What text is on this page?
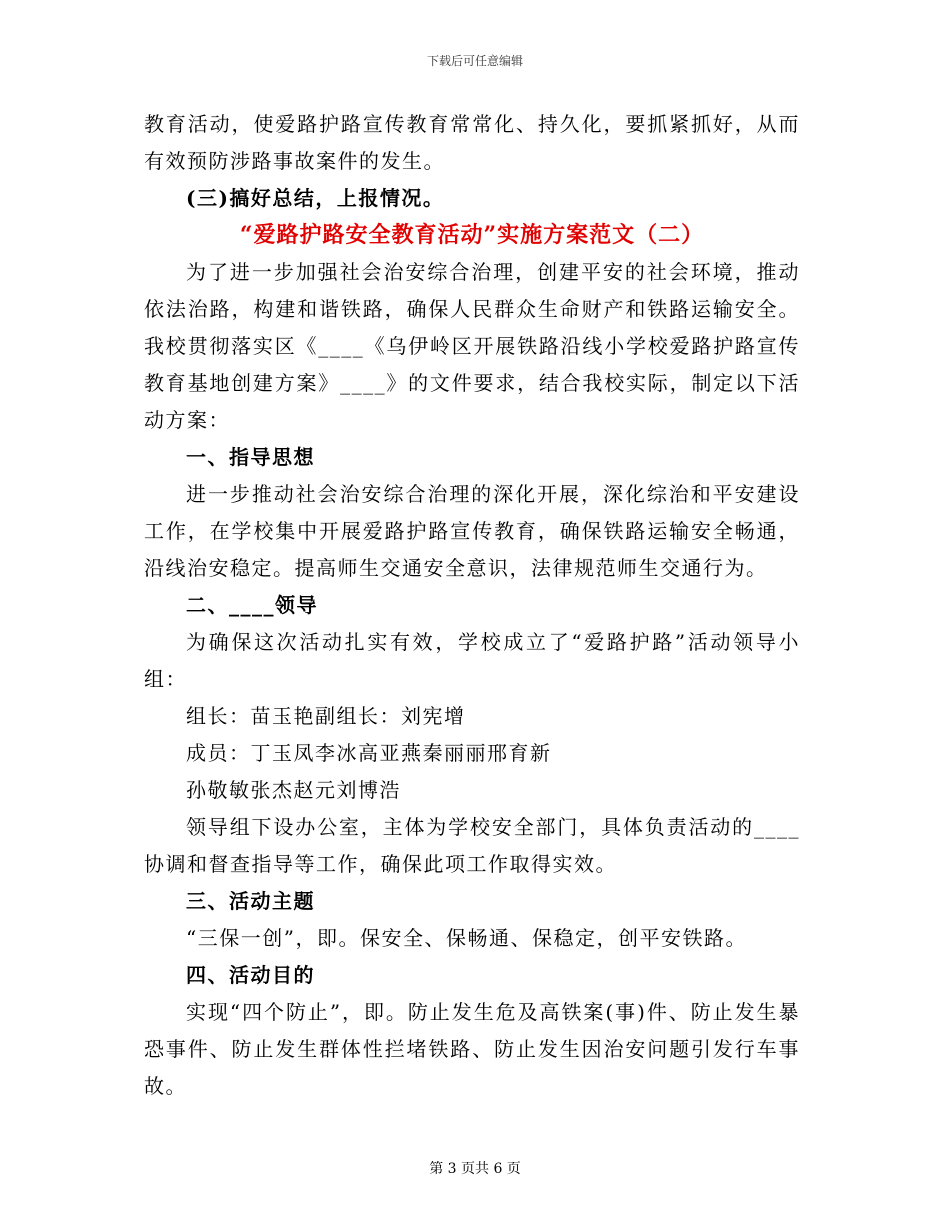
下载后可任意编辑

教育活动，使爱路护路宣传教育常常化、持久化，要抓紧抓好，从而有效预防涉路事故案件的发生。

(三)搞好总结，上报情况。

“爱路护路安全教育活动”实施方案范文（二）

为了进一步加强社会治安综合治理，创建平安的社会环境，推动依法治路，构建和谐铁路，确保人民群众生命财产和铁路运输安全。我校贯彻落实区《____《乌伊岭区开展铁路沿线小学校爱路护路宣传教育基地创建方案》____》的文件要求，结合我校实际，制定以下活动方案：

一、指导思想

进一步推动社会治安综合治理的深化开展，深化综治和平安建设工作，在学校集中开展爱路护路宣传教育，确保铁路运输安全畅通，沿线治安稳定。提高师生交通安全意识，法律规范师生交通行为。

二、____领导

为确保这次活动扎实有效，学校成立了“爱路护路”活动领导小组：

组长：苗玉艳副组长：刘宪增

成员：丁玉凤李冰高亚燕秦丽丽邢育新

孙敬敏张杰赵元刘博浩

领导组下设办公室，主体为学校安全部门，具体负责活动的____协调和督查指导等工作，确保此项工作取得实效。

三、活动主题

“三保一创”，即。保安全、保畅通、保稳定，创平安铁路。

四、活动目的

实现“四个防止”，即。防止发生危及高铁案(事)件、防止发生暴恐事件、防止发生群体性拦堵铁路、防止发生因治安问题引发行车事故。

第 3 页共 6 页
